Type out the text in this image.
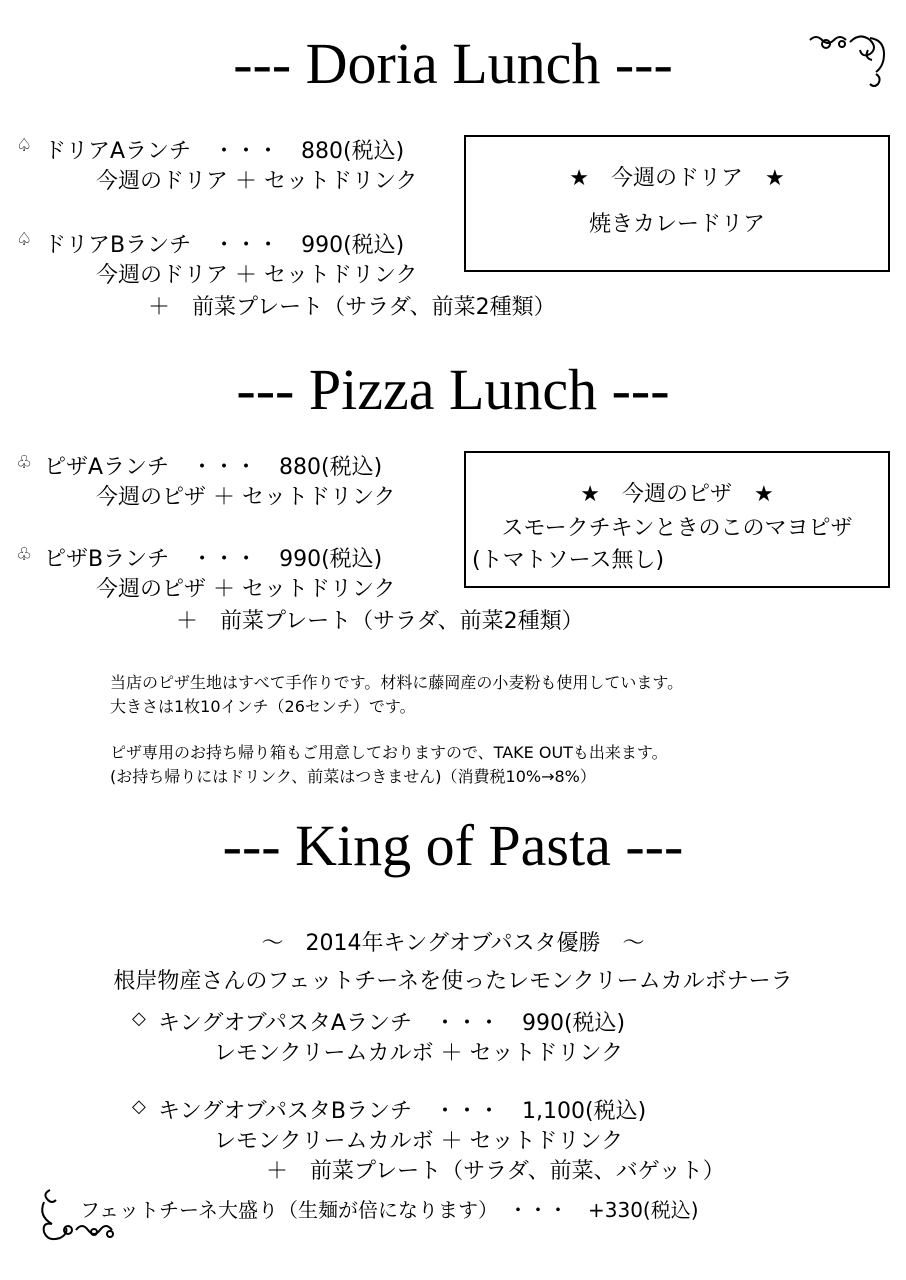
--- Doria Lunch ---
♤ ドリアAランチ　・・・　880(税込)
今週のドリア ＋ セットドリンク
♤ ドリアBランチ　・・・　990(税込)
今週のドリア ＋ セットドリンク
＋　前菜プレート（サラダ、前菜2種類）
★　今週のドリア　★
焼きカレードリア
--- Pizza Lunch ---
♧ ピザAランチ　・・・　880(税込)
今週のピザ ＋ セットドリンク
♧ ピザBランチ　・・・　990(税込)
今週のピザ ＋ セットドリンク
＋　前菜プレート（サラダ、前菜2種類）
★　今週のピザ　★
スモークチキンときのこのマヨピザ
(トマトソース無し)
当店のピザ生地はすべて手作りです。材料に藤岡産の小麦粉も使用しています。
大きさは1枚10インチ（26センチ）です。
ピザ専用のお持ち帰り箱もご用意しておりますので、TAKE OUTも出来ます。
(お持ち帰りにはドリンク、前菜はつきません)（消費税10%→8%）
--- King of Pasta ---
～　2014年キングオブパスタ優勝　～
根岸物産さんのフェットチーネを使ったレモンクリームカルボナーラ
◇ キングオブパスタAランチ　・・・　990(税込)
レモンクリームカルボ ＋ セットドリンク
◇ キングオブパスタBランチ　・・・　1,100(税込)
レモンクリームカルボ ＋ セットドリンク
＋　前菜プレート（サラダ、前菜、バゲット）
フェットチーネ大盛り（生麺が倍になります）　・・・　+330(税込)
